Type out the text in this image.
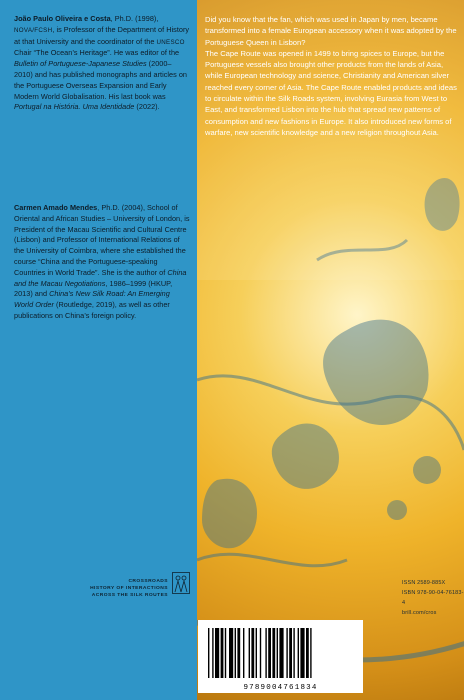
João Paulo Oliveira e Costa, Ph.D. (1998), NOVA/FCSH, is Professor of the Department of History at that University and the coordinator of the UNESCO Chair “The Ocean’s Heritage”. He was editor of the Bulletin of Portuguese-Japanese Studies (2000–2010) and has published monographs and articles on the Portuguese Overseas Expansion and Early Modern World Globalisation. His last book was Portugal na História. Uma Identidade (2022).

Carmen Amado Mendes, Ph.D. (2004), School of Oriental and African Studies – University of London, is President of the Macau Scientific and Cultural Centre (Lisbon) and Professor of International Relations of the University of Coimbra, where she established the course “China and the Portuguese-speaking Countries in World Trade”. She is the author of China and the Macau Negotiations, 1986–1999 (HKUP, 2013) and China’s New Silk Road: An Emerging World Order (Routledge, 2019), as well as other publications on China’s foreign policy.

CROSSROADS
HISTORY OF INTERACTIONS
ACROSS THE SILK ROUTES

Did you know that the fan, which was used in Japan by men, became transformed into a female European accessory when it was adopted by the Portuguese Queen in Lisbon?

The Cape Route was opened in 1499 to bring spices to Europe, but the Portuguese vessels also brought other products from the lands of Asia, while European technology and science, Christianity and American silver reached every corner of Asia. The Cape Route enabled products and ideas to circulate within the Silk Roads system, involving Eurasia from West to East, and transformed Lisbon into the hub that spread new patterns of consumption and new fashions in Europe. It also introduced new forms of warfare, new scientific knowledge and a new religion throughout Asia.

ISSN 2589-885X
ISBN 978-90-04-76183-4
brill.com/cros
9789004761834
